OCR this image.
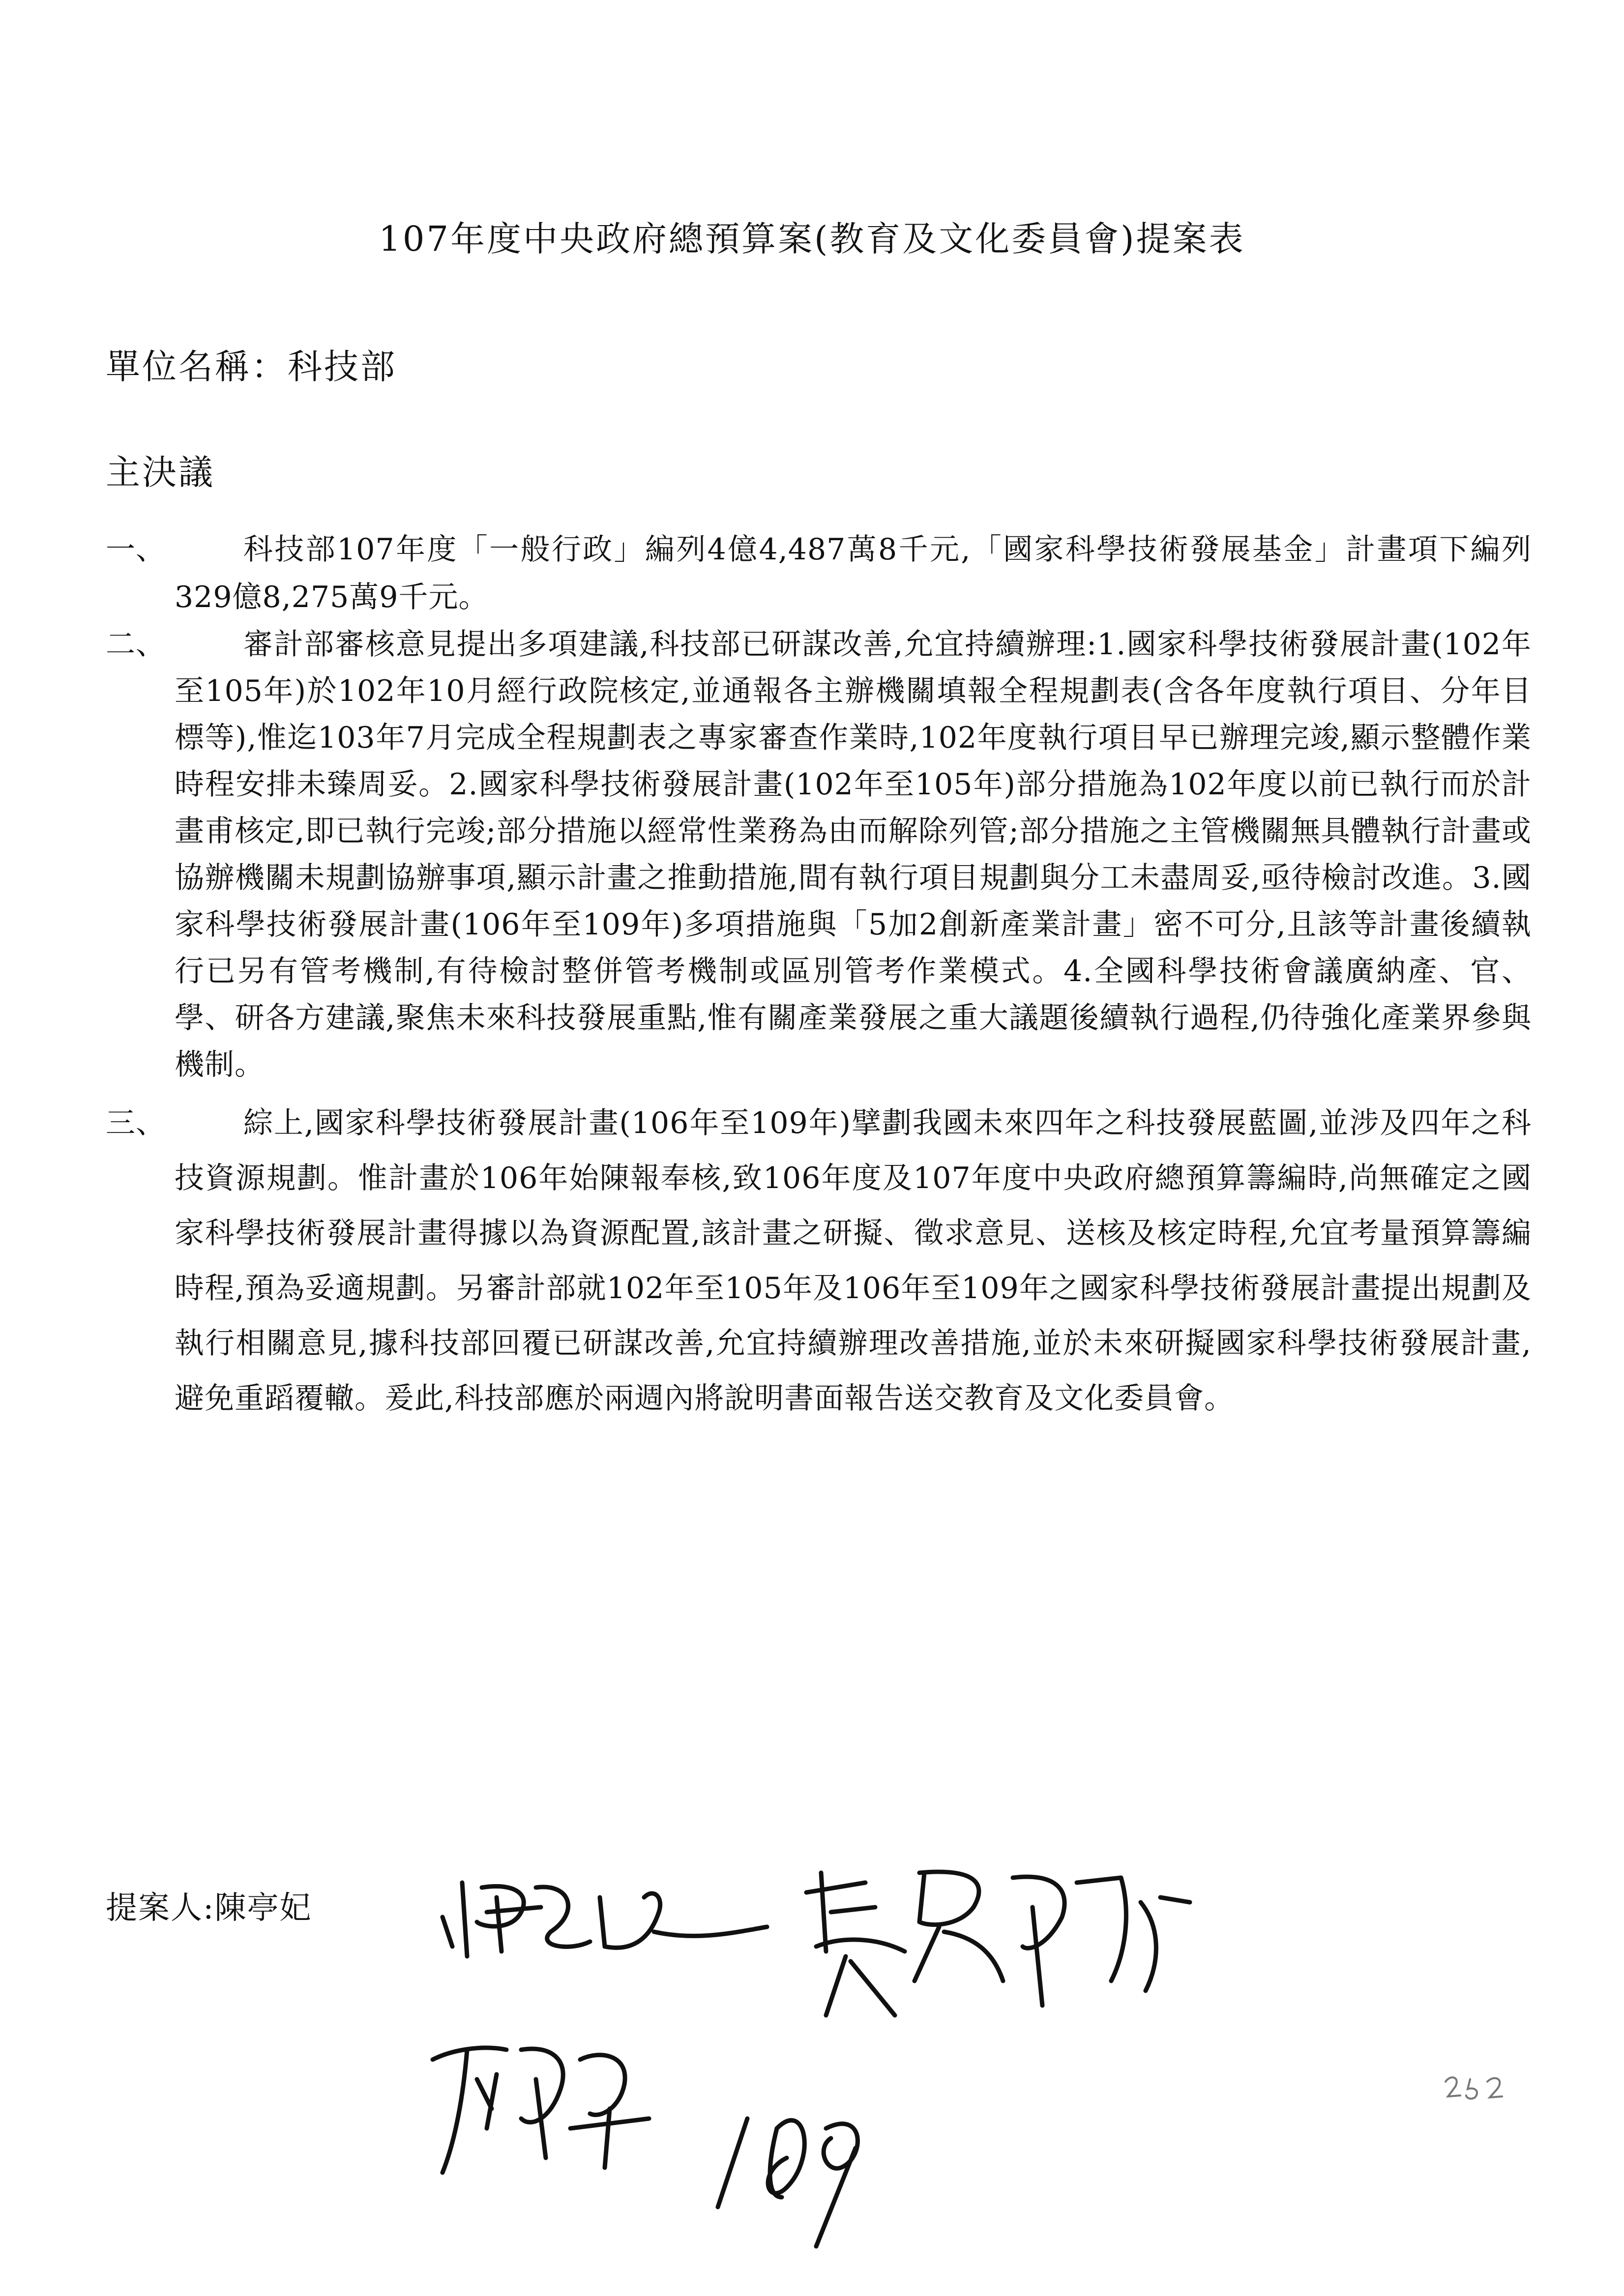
107年度中央政府總預算案(教育及文化委員會)提案表
單位名稱：科技部
主決議
一、	科技部107年度「一般行政」編列4億4,487萬8千元,「國家科學技術發展基金」計畫項下編列329億8,275萬9千元。
二、	審計部審核意見提出多項建議,科技部已研謀改善,允宜持續辦理:1.國家科學技術發展計畫(102年至105年)於102年10月經行政院核定,並通報各主辦機關填報全程規劃表(含各年度執行項目、分年目標等),惟迄103年7月完成全程規劃表之專家審查作業時,102年度執行項目早已辦理完竣,顯示整體作業時程安排未臻周妥。2.國家科學技術發展計畫(102年至105年)部分措施為102年度以前已執行而於計畫甫核定,即已執行完竣;部分措施以經常性業務為由而解除列管;部分措施之主管機關無具體執行計畫或協辦機關未規劃協辦事項,顯示計畫之推動措施,間有執行項目規劃與分工未盡周妥,亟待檢討改進。3.國家科學技術發展計畫(106年至109年)多項措施與「5加2創新產業計畫」密不可分,且該等計畫後續執行已另有管考機制,有待檢討整併管考機制或區別管考作業模式。4.全國科學技術會議廣納產、官、學、研各方建議,聚焦未來科技發展重點,惟有關產業發展之重大議題後續執行過程,仍待強化產業界參與機制。
三、	綜上,國家科學技術發展計畫(106年至109年)擘劃我國未來四年之科技發展藍圖,並涉及四年之科技資源規劃。惟計畫於106年始陳報奉核,致106年度及107年度中央政府總預算籌編時,尚無確定之國家科學技術發展計畫得據以為資源配置,該計畫之研擬、徵求意見、送核及核定時程,允宜考量預算籌編時程,預為妥適規劃。另審計部就102年至105年及106年至109年之國家科學技術發展計畫提出規劃及執行相關意見,據科技部回覆已研謀改善,允宜持續辦理改善措施,並於未來研擬國家科學技術發展計畫,避免重蹈覆轍。爰此,科技部應於兩週內將說明書面報告送交教育及文化委員會。
提案人:陳亭妃
